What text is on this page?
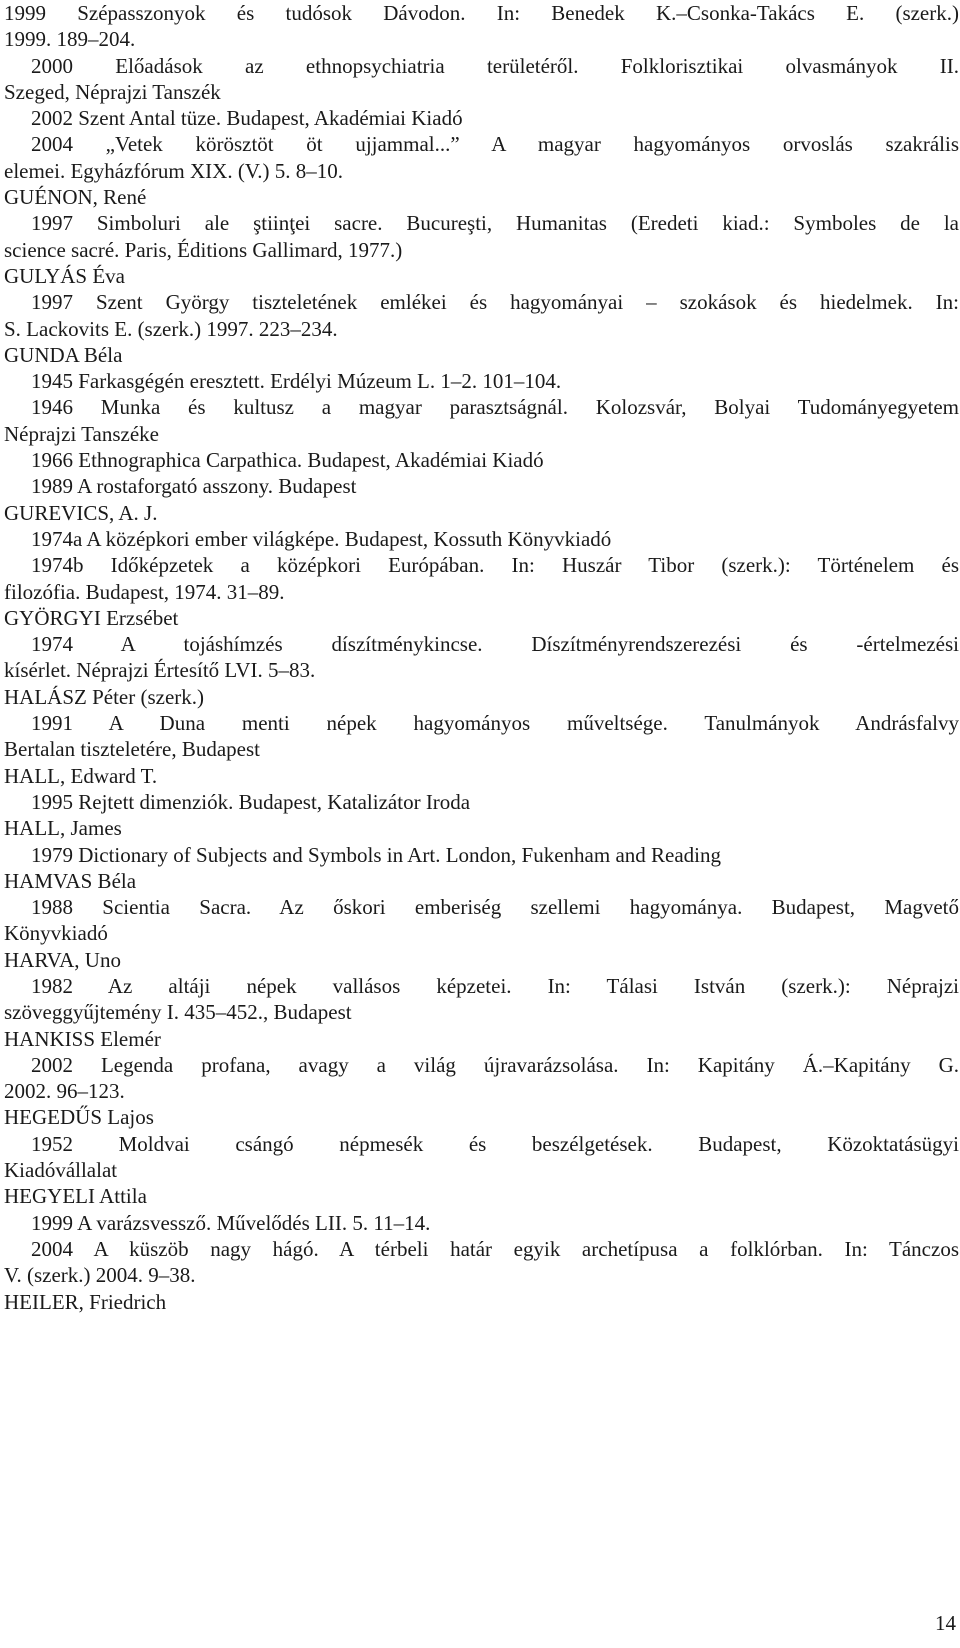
1999 Szépasszonyok és tudósok Dávodon. In: Benedek K.–Csonka-Takács E. (szerk.)
1999. 189–204.
2000 Előadások az ethnopsychiatria területéről. Folklorisztikai olvasmányok II.
Szeged, Néprajzi Tanszék
2002 Szent Antal tüze. Budapest, Akadémiai Kiadó
2004 „Vetek körösztöt öt ujjammal...” A magyar hagyományos orvoslás szakrális
elemei. Egyházfórum XIX. (V.) 5. 8–10.
GUÉNON, René
1997 Simboluri ale ştiinţei sacre. Bucureşti, Humanitas (Eredeti kiad.: Symboles de la
science sacré. Paris, Éditions Gallimard, 1977.)
GULYÁS Éva
1997 Szent György tiszteletének emlékei és hagyományai – szokások és hiedelmek. In:
S. Lackovits E. (szerk.) 1997. 223–234.
GUNDA Béla
1945 Farkasgégén eresztett. Erdélyi Múzeum L. 1–2. 101–104.
1946 Munka és kultusz a magyar parasztságnál. Kolozsvár, Bolyai Tudományegyetem
Néprajzi Tanszéke
1966 Ethnographica Carpathica. Budapest, Akadémiai Kiadó
1989 A rostaforgató asszony. Budapest
GUREVICS, A. J.
1974a A középkori ember világképe. Budapest, Kossuth Könyvkiadó
1974b Időképzetek a középkori Európában. In: Huszár Tibor (szerk.): Történelem és
filozófia. Budapest, 1974. 31–89.
GYÖRGYI Erzsébet
1974 A tojáshímzés díszítménykincse. Díszítményrendszerezési és -értelmezési
kísérlet. Néprajzi Értesítő LVI. 5–83.
HALÁSZ Péter (szerk.)
1991 A Duna menti népek hagyományos műveltsége. Tanulmányok Andrásfalvy
Bertalan tiszteletére, Budapest
HALL, Edward T.
1995 Rejtett dimenziók. Budapest, Katalizátor Iroda
HALL, James
1979 Dictionary of Subjects and Symbols in Art. London, Fukenham and Reading
HAMVAS Béla
1988 Scientia Sacra. Az őskori emberiség szellemi hagyománya. Budapest, Magvető
Könyvkiadó
HARVA, Uno
1982 Az altáji népek vallásos képzetei. In: Tálasi István (szerk.): Néprajzi
szöveggyűjtemény I. 435–452., Budapest
HANKISS Elemér
2002 Legenda profana, avagy a világ újravarázsolása. In: Kapitány Á.–Kapitány G.
2002. 96–123.
HEGEDŰS Lajos
1952 Moldvai csángó népmesék és beszélgetések. Budapest, Közoktatásügyi
Kiadóvállalat
HEGYELI Attila
1999 A varázsvessző. Művelődés LII. 5. 11–14.
2004 A küszöb nagy hágó. A térbeli határ egyik archetípusa a folklórban. In: Tánczos
V. (szerk.) 2004. 9–38.
HEILER, Friedrich
14
